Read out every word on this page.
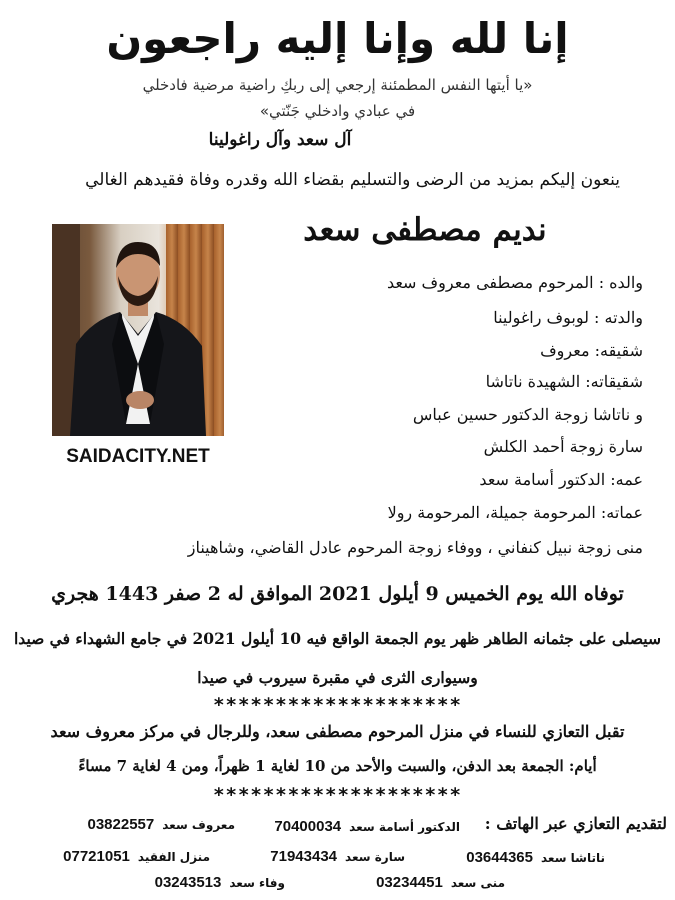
إنا لله وإنا إليه راجعون
«يا أيتها النفس المطمئنة إرجعي إلى ربكِ راضية مرضية فادخلي
في عبادي وادخلي جَنّتي»
آل سعد وآل راغولينا
ينعون إليكم بمزيد من الرضى والتسليم بقضاء الله وقدره وفاة فقيدهم الغالي
نديم مصطفى سعد
SAIDACITY.NET
والده : المرحوم مصطفى معروف سعد
والدته : لوبوف راغولينا
شقيقه: معروف
شقيقاته: الشهيدة ناتاشا
و ناتاشا زوجة الدكتور حسين عباس
سارة زوجة أحمد الكلش
عمه: الدكتور أسامة سعد
عماته: المرحومة جميلة، المرحومة رولا
منى زوجة نبيل كنفاني ، ووفاء زوجة المرحوم عادل القاضي، وشاهيناز
توفاه الله يوم الخميس 9 أيلول 2021 الموافق له 2 صفر 1443 هجري
سيصلى على جثمانه الطاهر ظهر يوم الجمعة الواقع فيه 10 أيلول 2021 في جامع الشهداء في صيدا
وسيوارى الثرى في مقبرة سيروب في صيدا
********************
تقبل التعازي للنساء في منزل المرحوم مصطفى سعد، وللرجال في مركز معروف سعد
أيام: الجمعة بعد الدفن، والسبت والأحد من 10 لغاية 1 ظهراً، ومن 4 لغاية 7 مساءً
********************
لتقديم التعازي عبر الهاتف :
الدكتور أسامة سعد70400034
معروف سعد03822557
ناتاشا سعد03644365
سارة سعد71943434
منزل الفقيد07721051
منى سعد03234451
وفاء سعد03243513
